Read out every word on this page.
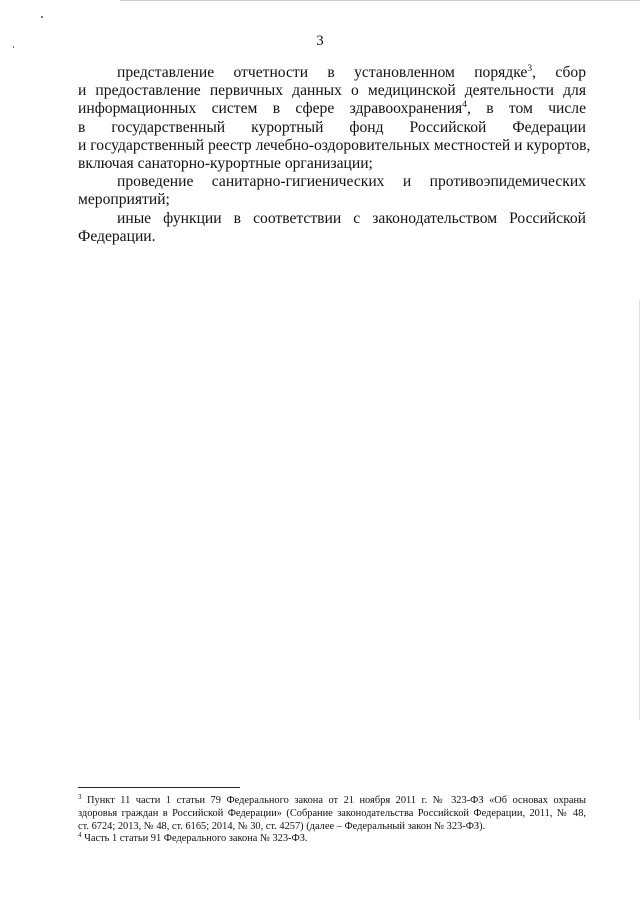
3
представление отчетности в установленном порядке$^3$, сбор
и предоставление первичных данных о медицинской деятельности для
информационных систем в сфере здравоохранения$^4$, в том числе
в государственный курортный фонд Российской Федерации
и государственный реестр лечебно-оздоровительных местностей и курортов,
включая санаторно-курортные организации;
проведение санитарно-гигиенических и противоэпидемических
мероприятий;
иные функции в соответствии с законодательством Российской
Федерации.
$^3$ Пункт 11 части 1 статьи 79 Федерального закона от 21 ноября 2011 г. № 323-ФЗ «Об основах охраны
здоровья граждан в Российской Федерации» (Собрание законодательства Российской Федерации, 2011, № 48,
ст. 6724; 2013, № 48, ст. 6165; 2014, № 30, ст. 4257) (далее – Федеральный закон № 323-ФЗ).
$^4$ Часть 1 статьи 91 Федерального закона № 323-ФЗ.
